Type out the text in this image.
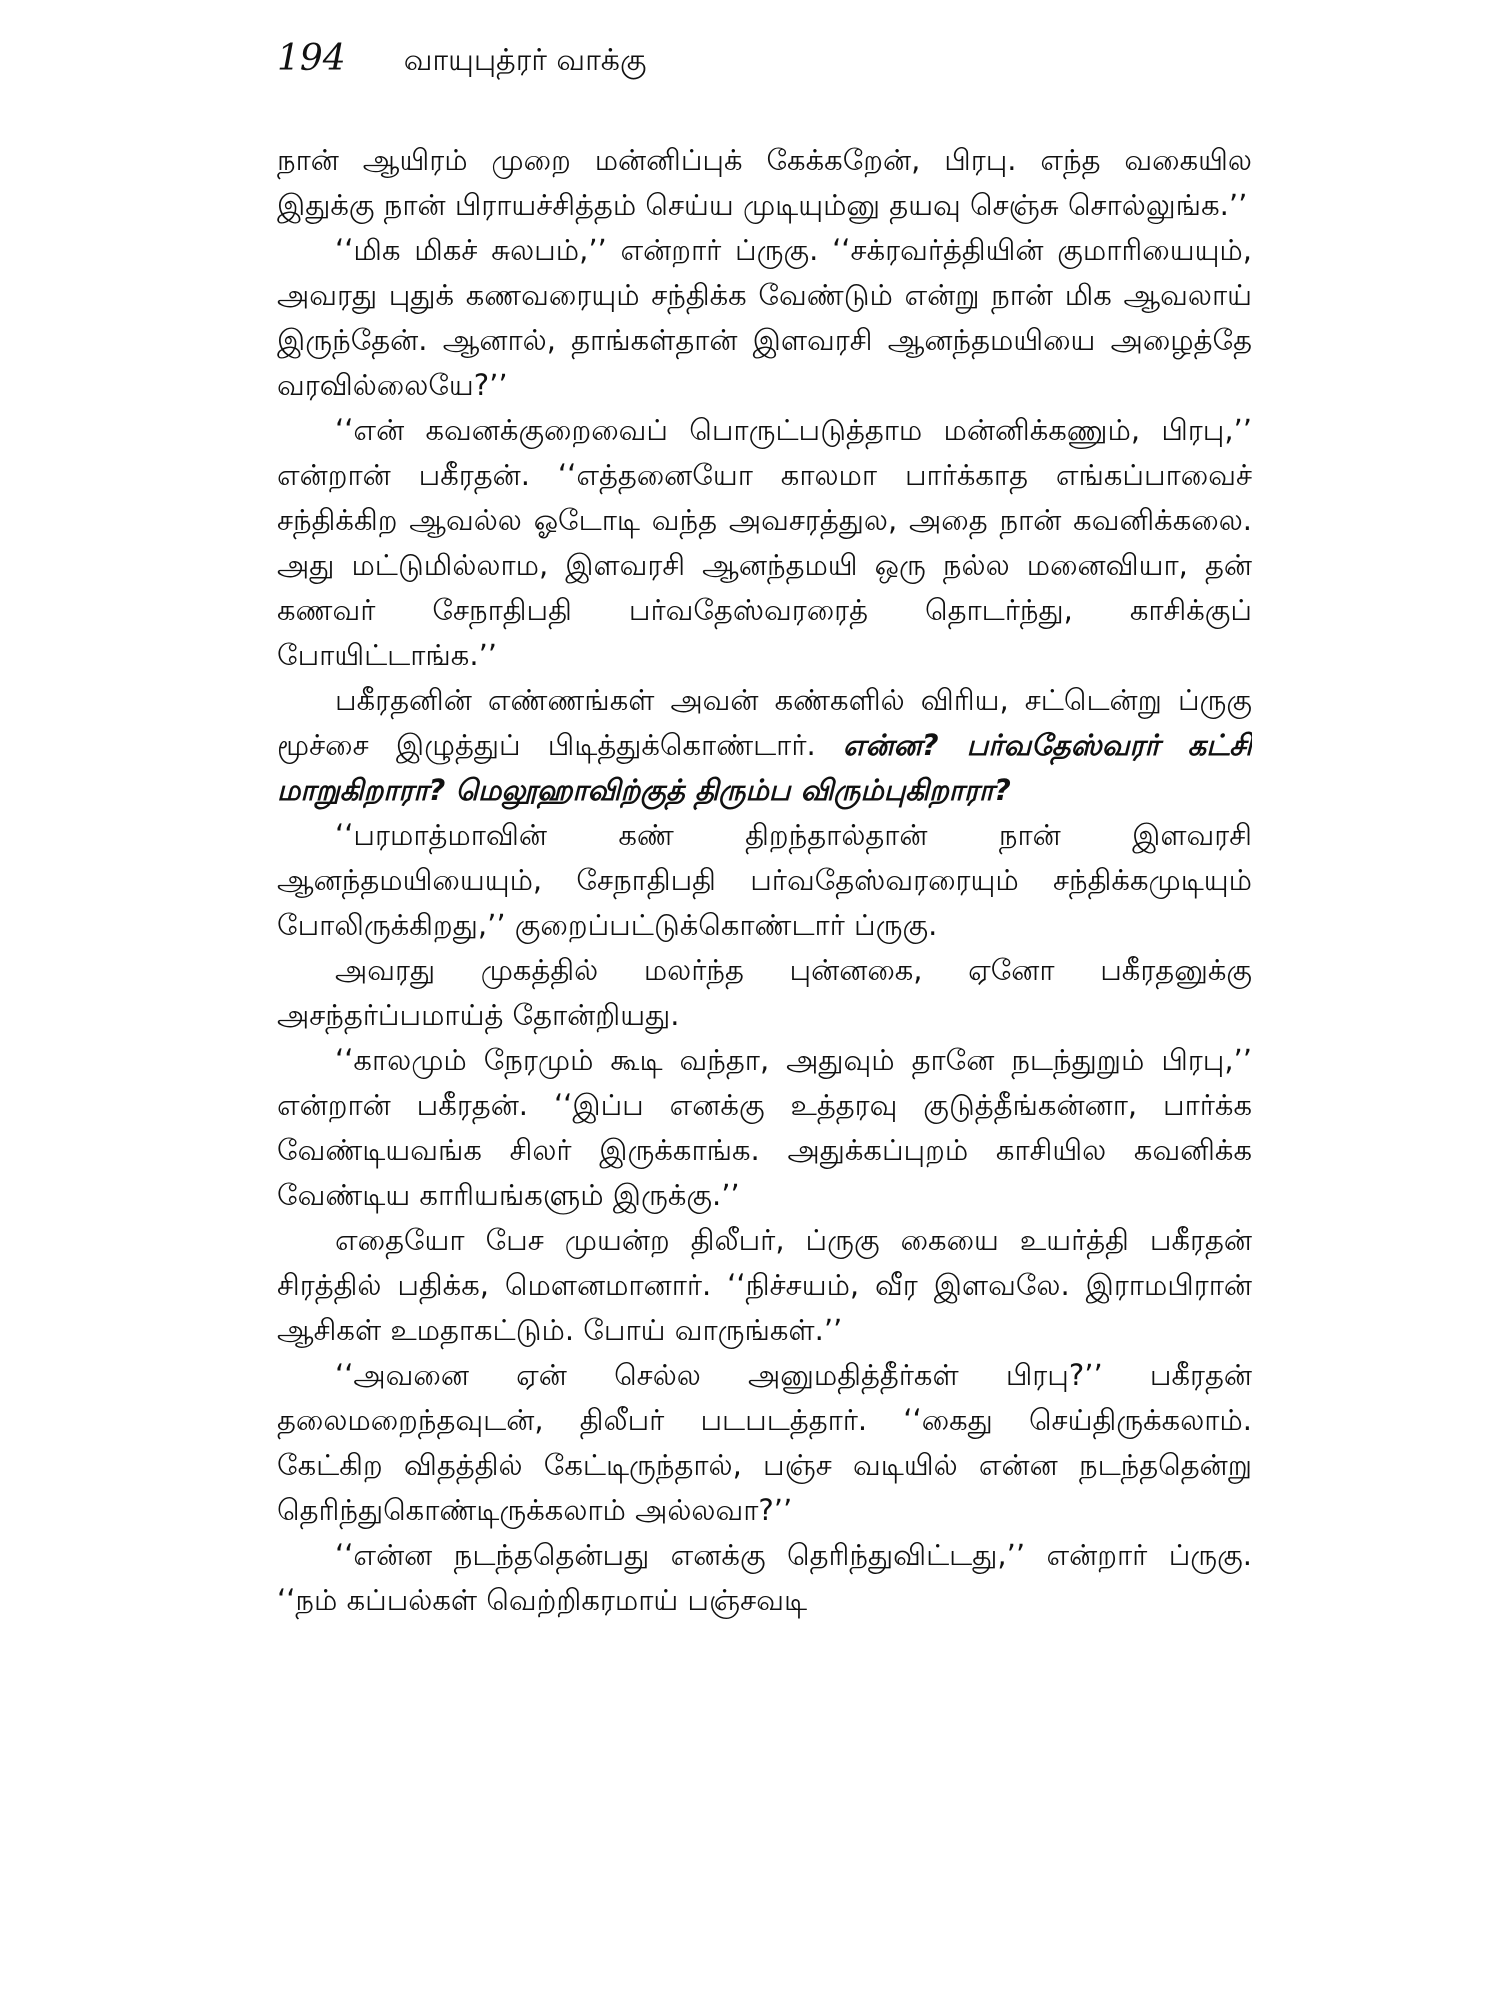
194 வாயுபுத்ரர் வாக்கு

நான் ஆயிரம் முறை மன்னிப்புக் கேக்கறேன், பிரபு. எந்த வகையில இதுக்கு நான் பிராயச்சித்தம் செய்ய முடியும்னு தயவு செஞ்சு சொல்லுங்க.’’

‘‘மிக மிகச் சுலபம்,’’ என்றார் ப்ருகு. ‘‘சக்ரவர்த்தியின் குமாரியையும், அவரது புதுக் கணவரையும் சந்திக்க வேண்டும் என்று நான் மிக ஆவலாய் இருந்தேன். ஆனால், தாங்கள்தான் இளவரசி ஆனந்தமயியை அழைத்தே வரவில்லையே?’’

‘‘என் கவனக்குறைவைப் பொருட்படுத்தாம மன்னிக்கணும், பிரபு,’’ என்றான் பகீரதன். ‘‘எத்தனையோ காலமா பார்க்காத எங்கப்பாவைச் சந்திக்கிற ஆவல்ல ஓடோடி வந்த அவசரத்துல, அதை நான் கவனிக்கலை. அது மட்டுமில்லாம, இளவரசி ஆனந்தமயி ஒரு நல்ல மனைவியா, தன் கணவர் சேநாதிபதி பர்வதேஸ்வரரைத் தொடர்ந்து, காசிக்குப் போயிட்டாங்க.’’

பகீரதனின் எண்ணங்கள் அவன் கண்களில் விரிய, சட்டென்று ப்ருகு மூச்சை இழுத்துப் பிடித்துக்கொண்டார். என்ன? பர்வதேஸ்வரர் கட்சி மாறுகிறாரா? மெலூஹாவிற்குத் திரும்ப விரும்புகிறாரா?

‘‘பரமாத்மாவின் கண் திறந்தால்தான் நான் இளவரசி ஆனந்தமயியையும், சேநாதிபதி பர்வதேஸ்வரரையும் சந்திக்கமுடியும் போலிருக்கிறது,’’ குறைப்பட்டுக்கொண்டார் ப்ருகு.

அவரது முகத்தில் மலர்ந்த புன்னகை, ஏனோ பகீரதனுக்கு அசந்தர்ப்பமாய்த் தோன்றியது.

‘‘காலமும் நேரமும் கூடி வந்தா, அதுவும் தானே நடந்துறும் பிரபு,’’ என்றான் பகீரதன். ‘‘இப்ப எனக்கு உத்தரவு குடுத்தீங்கன்னா, பார்க்க வேண்டியவங்க சிலர் இருக்காங்க. அதுக்கப்புறம் காசியில கவனிக்க வேண்டிய காரியங்களும் இருக்கு.’’

எதையோ பேச முயன்ற திலீபர், ப்ருகு கையை உயர்த்தி பகீரதன் சிரத்தில் பதிக்க, மௌனமானார். ‘‘நிச்சயம், வீர இளவலே. இராமபிரான் ஆசிகள் உமதாகட்டும். போய் வாருங்கள்.’’

‘‘அவனை ஏன் செல்ல அனுமதித்தீர்கள் பிரபு?’’ பகீரதன் தலைமறைந்தவுடன், திலீபர் படபடத்தார். ‘‘கைது செய்திருக்கலாம். கேட்கிற விதத்தில் கேட்டிருந்தால், பஞ்ச வடியில் என்ன நடந்ததென்று தெரிந்துகொண்டிருக்கலாம் அல்லவா?’’

‘‘என்ன நடந்ததென்பது எனக்கு தெரிந்துவிட்டது,’’ என்றார் ப்ருகு. ‘‘நம் கப்பல்கள் வெற்றிகரமாய் பஞ்சவடி
